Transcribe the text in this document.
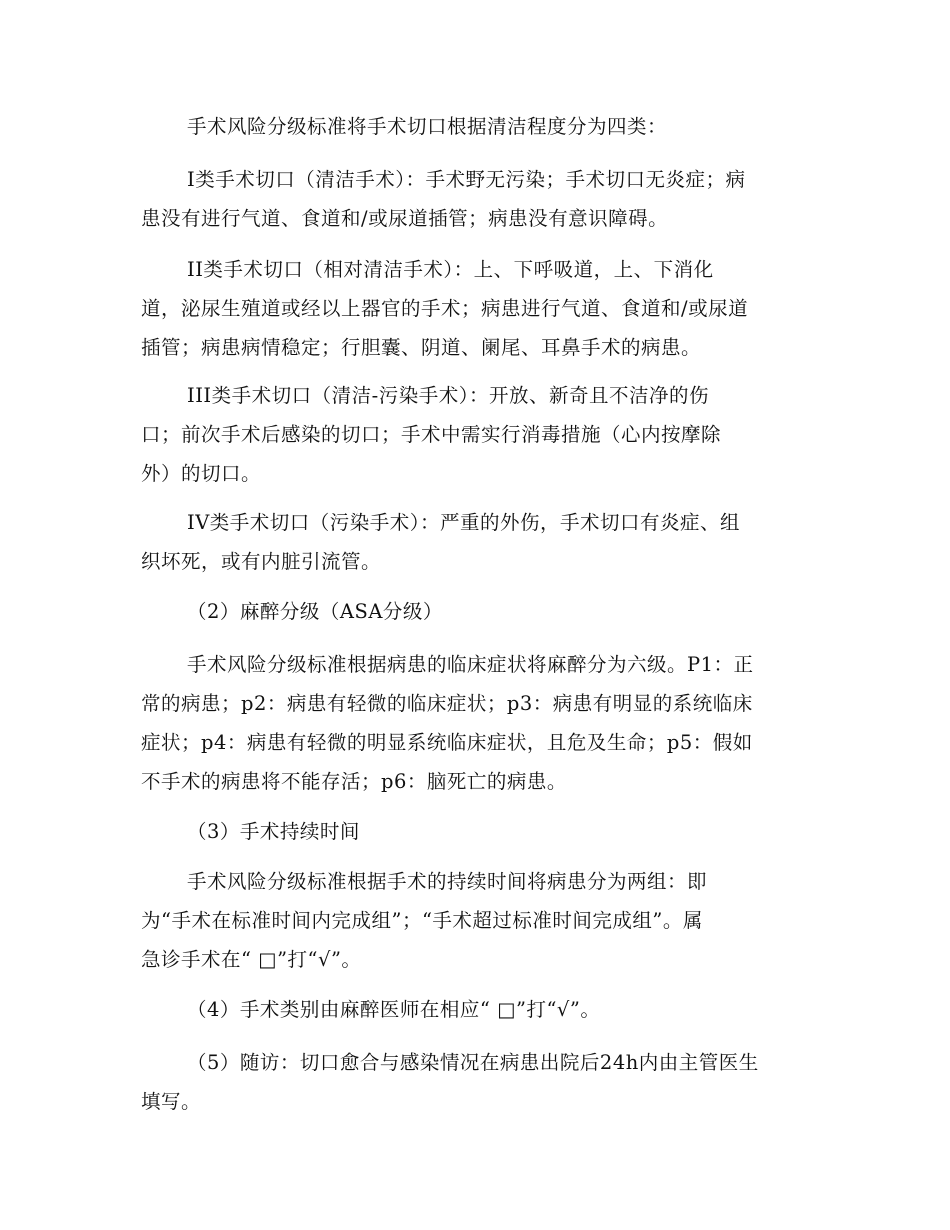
手术风险分级标准将手术切口根据清洁程度分为四类：
I类手术切口（清洁手术）：手术野无污染；手术切口无炎症；病
患没有进行气道、食道和/或尿道插管；病患没有意识障碍。
II类手术切口（相对清洁手术）：上、下呼吸道，上、下消化
道，泌尿生殖道或经以上器官的手术；病患进行气道、食道和/或尿道
插管；病患病情稳定；行胆囊、阴道、阑尾、耳鼻手术的病患。
III类手术切口（清洁-污染手术）：开放、新奇且不洁净的伤
口；前次手术后感染的切口；手术中需实行消毒措施（心内按摩除
外）的切口。
IV类手术切口（污染手术）：严重的外伤，手术切口有炎症、组
织坏死，或有内脏引流管。
（2）麻醉分级（ASA分级）
手术风险分级标准根据病患的临床症状将麻醉分为六级。P1：正
常的病患；p2：病患有轻微的临床症状；p3：病患有明显的系统临床
症状；p4：病患有轻微的明显系统临床症状，且危及生命；p5：假如
不手术的病患将不能存活；p6：脑死亡的病患。
（3）手术持续时间
手术风险分级标准根据手术的持续时间将病患分为两组：即
为“手术在标准时间内完成组”；“手术超过标准时间完成组”。属
急诊手术在“ □”打“√”。
（4）手术类别由麻醉医师在相应“ □”打“√”。
（5）随访：切口愈合与感染情况在病患出院后24h内由主管医生
填写。
